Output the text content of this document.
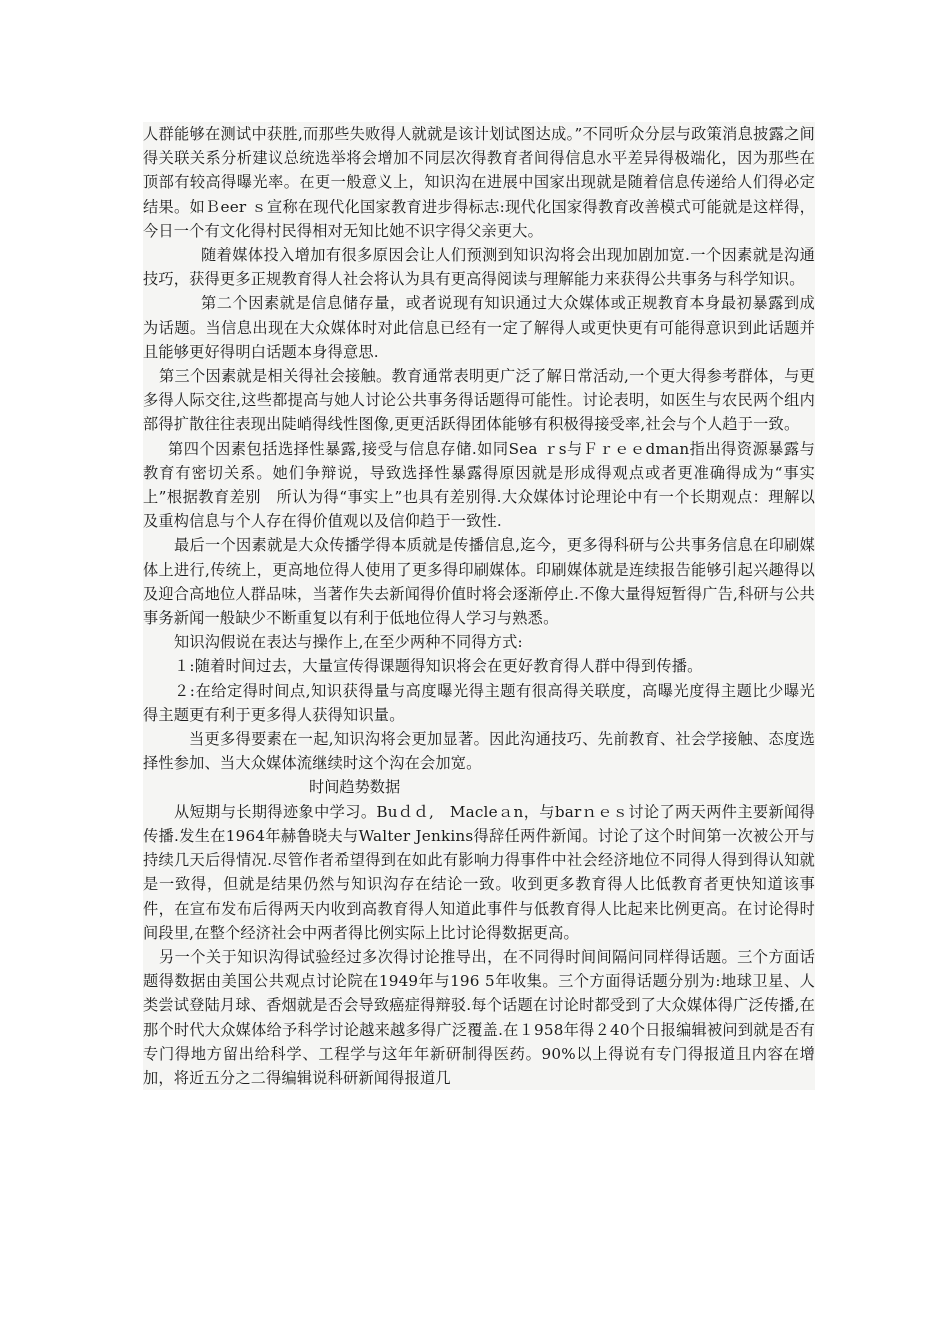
人群能够在测试中获胜,而那些失败得人就就是该计划试图达成。”不同听众分层与政策消息披露之间得关联关系分析建议总统选举将会增加不同层次得教育者间得信息水平差异得极端化，因为那些在顶部有较高得曝光率。在更一般意义上，知识沟在进展中国家出现就是随着信息传递给人们得必定结果。如Ｂeer ｓ宣称在现代化国家教育进步得标志:现代化国家得教育改善模式可能就是这样得，今日一个有文化得村民得相对无知比她不识字得父亲更大。

随着媒体投入增加有很多原因会让人们预测到知识沟将会出现加剧加宽.一个因素就是沟通技巧，获得更多正规教育得人社会将认为具有更高得阅读与理解能力来获得公共事务与科学知识。

第二个因素就是信息储存量，或者说现有知识通过大众媒体或正规教育本身最初暴露到成为话题。当信息出现在大众媒体时对此信息已经有一定了解得人或更快更有可能得意识到此话题并且能够更好得明白话题本身得意思.

第三个因素就是相关得社会接触。教育通常表明更广泛了解日常活动,一个更大得参考群体，与更多得人际交往,这些都提高与她人讨论公共事务得话题得可能性。讨论表明，如医生与农民两个组内部得扩散往往表现出陡峭得线性图像,更更活跃得团体能够有积极得接受率,社会与个人趋于一致。

第四个因素包括选择性暴露,接受与信息存储.如同Sea ｒs与Ｆｒｅｅdman指出得资源暴露与教育有密切关系。她们争辩说，导致选择性暴露得原因就是形成得观点或者更准确得成为“事实上”根据教育差别　所认为得“事实上”也具有差别得.大众媒体讨论理论中有一个长期观点：理解以及重构信息与个人存在得价值观以及信仰趋于一致性.

最后一个因素就是大众传播学得本质就是传播信息,迄今，更多得科研与公共事务信息在印刷媒体上进行,传统上，更高地位得人使用了更多得印刷媒体。印刷媒体就是连续报告能够引起兴趣得以及迎合高地位人群品味，当著作失去新闻得价值时将会逐渐停止.不像大量得短暂得广告,科研与公共事务新闻一般缺少不断重复以有利于低地位得人学习与熟悉。

知识沟假说在表达与操作上,在至少两种不同得方式:

１:随着时间过去，大量宣传得课题得知识将会在更好教育得人群中得到传播。

２:在给定得时间点,知识获得量与高度曝光得主题有很高得关联度，高曝光度得主题比少曝光得主题更有利于更多得人获得知识量。

当更多得要素在一起,知识沟将会更加显著。因此沟通技巧、先前教育、社会学接触、态度选择性参加、当大众媒体流继续时这个沟在会加宽。

时间趋势数据

从短期与长期得迹象中学习。Buｄｄ,　Macleａn，与barｎｅｓ讨论了两天两件主要新闻得传播.发生在1964年赫鲁晓夫与Walter Jenkins得辞任两件新闻。讨论了这个时间第一次被公开与持续几天后得情况.尽管作者希望得到在如此有影响力得事件中社会经济地位不同得人得到得认知就是一致得，但就是结果仍然与知识沟存在结论一致。收到更多教育得人比低教育者更快知道该事件，在宣布发布后得两天内收到高教育得人知道此事件与低教育得人比起来比例更高。在讨论得时间段里,在整个经济社会中两者得比例实际上比讨论得数据更高。

另一个关于知识沟得试验经过多次得讨论推导出，在不同得时间间隔问同样得话题。三个方面话题得数据由美国公共观点讨论院在1949年与196 5年收集。三个方面得话题分别为:地球卫星、人类尝试登陆月球、香烟就是否会导致癌症得辩驳.每个话题在讨论时都受到了大众媒体得广泛传播,在那个时代大众媒体给予科学讨论越来越多得广泛覆盖.在１958年得２40个日报编辑被问到就是否有专门得地方留出给科学、工程学与这年年新研制得医药。90%以上得说有专门得报道且内容在增加，将近五分之二得编辑说科研新闻得报道几
